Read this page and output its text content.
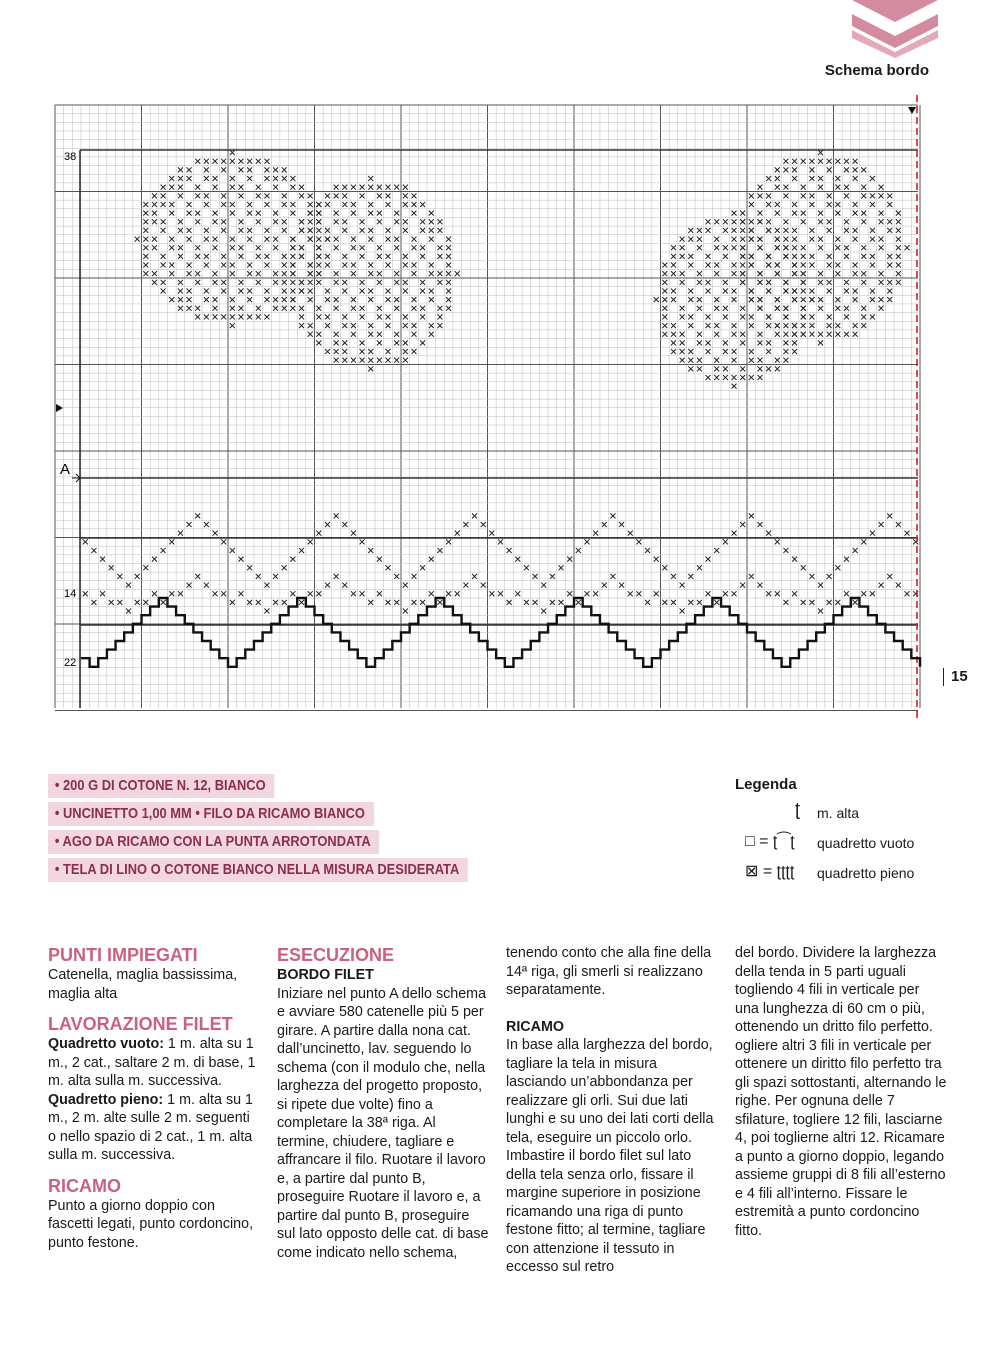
Schema bordo
38
14
22
A
15
• 200 G DI COTONE N. 12, BIANCO
• UNCINETTO 1,00 MM • FILO DA RICAMO BIANCO
• AGO DA RICAMO CON LA PUNTA ARROTONDATA
• TELA DI LINO O COTONE BIANCO NELLA MISURA DESIDERATA
Legenda
ʈ m. alta
□ = ʈ⁀ʈ quadretto vuoto
⊠ = ʈʈʈʈ quadretto pieno
PUNTI IMPIEGATI

Catenella, maglia bassissima, maglia alta

LAVORAZIONE FILET

Quadretto vuoto: 1 m. alta su 1 m., 2 cat., saltare 2 m. di base, 1 m. alta sulla m. successiva.

Quadretto pieno: 1 m. alta su 1 m., 2 m. alte sulle 2 m. seguenti o nello spazio di 2 cat., 1 m. alta sulla m. successiva.

RICAMO

Punto a giorno doppio con fascetti legati, punto cordoncino, punto festone.

ESECUZIONE
BORDO FILET

Iniziare nel punto A dello schema e avviare 580 catenelle più 5 per girare. A partire dalla nona cat. dall’uncinetto, lav. seguendo lo schema (con il modulo che, nella larghezza del progetto proposto, si ripete due volte) fino a completare la 38ª riga. Al termine, chiudere, tagliare e affrancare il filo. Ruotare il lavoro e, a partire dal punto B, proseguire Ruotare il lavoro e, a partire dal punto B, proseguire sul lato opposto delle cat. di base come indicato nello schema,

tenendo conto che alla fine della 14ª riga, gli smerli si realizzano separatamente.

RICAMO

In base alla larghezza del bordo, tagliare la tela in misura lasciando un’abbondanza per realizzare gli orli. Sui due lati lunghi e su uno dei lati corti della tela, eseguire un piccolo orlo. Imbastire il bordo filet sul lato della tela senza orlo, fissare il margine superiore in posizione ricamando una riga di punto festone fitto; al termine, tagliare con attenzione il tessuto in eccesso sul retro

del bordo. Dividere la larghezza della tenda in 5 parti uguali togliendo 4 fili in verticale per una lunghezza di 60 cm o più, ottenendo un dritto filo perfetto. ogliere altri 3 fili in verticale per ottenere un diritto filo perfetto tra gli spazi sottostanti, alternando le righe. Per ognuna delle 7 sfilature, togliere 12 fili, lasciarne 4, poi toglierne altri 12. Ricamare a punto a giorno doppio, legando assieme gruppi di 8 fili all’esterno e 4 fili all’interno. Fissare le estremità a punto cordoncino fitto.
